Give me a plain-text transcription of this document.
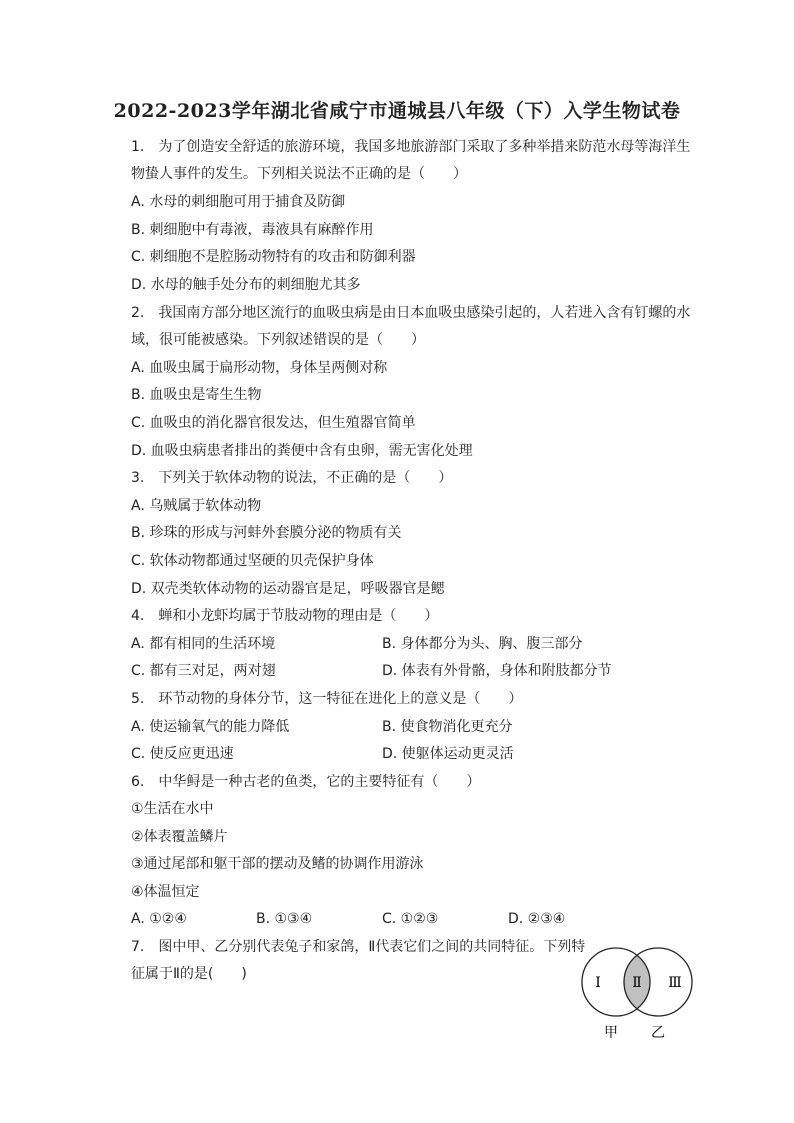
2022-2023学年湖北省咸宁市通城县八年级（下）入学生物试卷
1.　为了创造安全舒适的旅游环境，我国多地旅游部门采取了多种举措来防范水母等海洋生
物蛰人事件的发生。下列相关说法不正确的是（　　）
A. 水母的刺细胞可用于捕食及防御
B. 刺细胞中有毒液，毒液具有麻醉作用
C. 刺细胞不是腔肠动物特有的攻击和防御利器
D. 水母的触手处分布的刺细胞尤其多
2.　我国南方部分地区流行的血吸虫病是由日本血吸虫感染引起的，人若进入含有钉螺的水
域，很可能被感染。下列叙述错误的是（　　）
A. 血吸虫属于扁形动物，身体呈两侧对称
B. 血吸虫是寄生生物
C. 血吸虫的消化器官很发达，但生殖器官简单
D. 血吸虫病患者排出的粪便中含有虫卵，需无害化处理
3.　下列关于软体动物的说法，不正确的是（　　）
A. 乌贼属于软体动物
B. 珍珠的形成与河蚌外套膜分泌的物质有关
C. 软体动物都通过坚硬的贝壳保护身体
D. 双壳类软体动物的运动器官是足，呼吸器官是鳃
4.　蝉和小龙虾均属于节肢动物的理由是（　　）
A. 都有相同的生活环境	B. 身体都分为头、胸、腹三部分
C. 都有三对足，两对翅	D. 体表有外骨骼，身体和附肢都分节
5.　环节动物的身体分节，这一特征在进化上的意义是（　　）
A. 使运输氧气的能力降低	B. 使食物消化更充分
C. 使反应更迅速	D. 使躯体运动更灵活
6.　中华鲟是一种古老的鱼类，它的主要特征有（　　）
①生活在水中
②体表覆盖鳞片
③通过尾部和躯干部的摆动及鳍的协调作用游泳
④体温恒定
A. ①②④	B. ①③④	C. ①②③	D. ②③④
7.　图中甲、乙分别代表兔子和家鸽，Ⅱ代表它们之间的共同特征。下列特
征属于Ⅱ的是(　　)
Ⅰ Ⅱ Ⅲ
甲 乙
